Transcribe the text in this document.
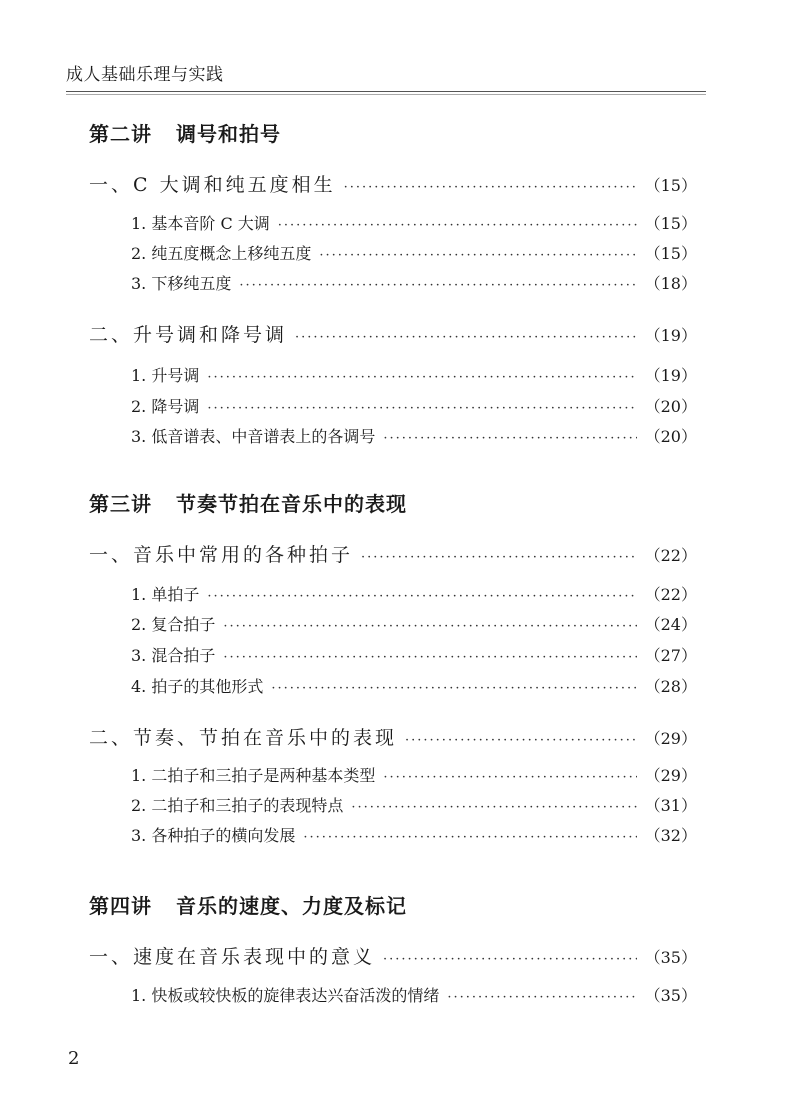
成人基础乐理与实践
第二讲 调号和拍号
一、C 大调和纯五度相生 ·····	（15）
1. 基本音阶 C 大调 ·····	（15）
2. 纯五度概念上移纯五度 ·····	（15）
3. 下移纯五度 ·····	（18）
二、升号调和降号调 ·····	（19）
1. 升号调 ·····	（19）
2. 降号调 ·····	（20）
3. 低音谱表、中音谱表上的各调号 ·····	（20）
第三讲 节奏节拍在音乐中的表现
一、音乐中常用的各种拍子 ·····	（22）
1. 单拍子 ·····	（22）
2. 复合拍子 ·····	（24）
3. 混合拍子 ·····	（27）
4. 拍子的其他形式 ·····	（28）
二、节奏、节拍在音乐中的表现 ·····	（29）
1. 二拍子和三拍子是两种基本类型 ·····	（29）
2. 二拍子和三拍子的表现特点 ·····	（31）
3. 各种拍子的横向发展 ·····	（32）
第四讲 音乐的速度、力度及标记
一、速度在音乐表现中的意义 ·····	（35）
1. 快板或较快板的旋律表达兴奋活泼的情绪 ·····	（35）
2
